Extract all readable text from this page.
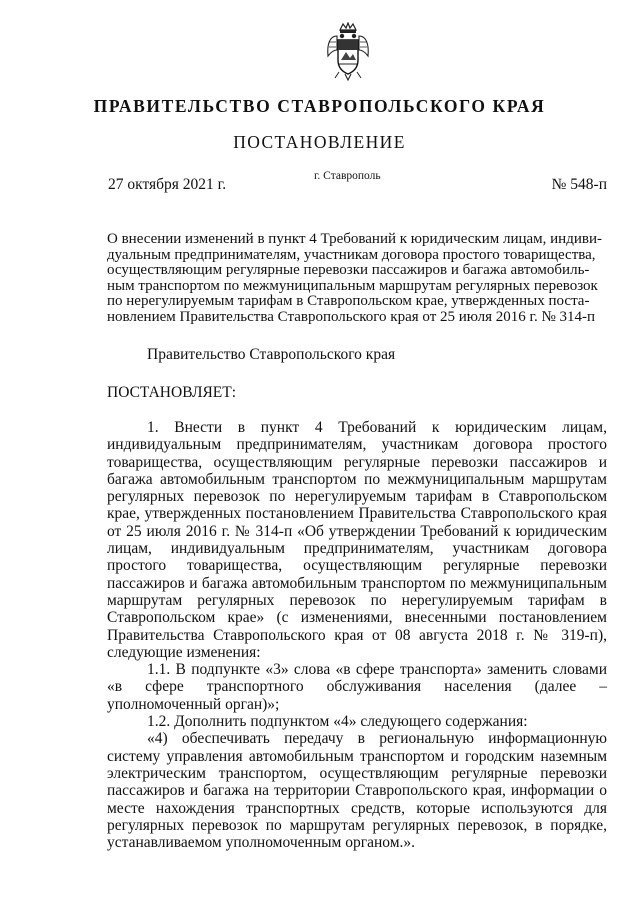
ПРАВИТЕЛЬСТВО СТАВРОПОЛЬСКОГО КРАЯ
ПОСТАНОВЛЕНИЕ
27 октября 2021 г.	г. Ставрополь	№ 548-п
О внесении изменений в пункт 4 Требований к юридическим лицам, индиви-
дуальным предпринимателям, участникам договора простого товарищества,
осуществляющим регулярные перевозки пассажиров и багажа автомобиль-
ным транспортом по межмуниципальным маршрутам регулярных перевозок
по нерегулируемым тарифам в Ставропольском крае, утвержденных поста-
новлением Правительства Ставропольского края от 25 июля 2016 г. № 314-п
Правительство Ставропольского края
ПОСТАНОВЛЯЕТ:

1. Внести в пункт 4 Требований к юридическим лицам, индивидуальным предпринимателям, участникам договора простого товарищества, осуществляющим регулярные перевозки пассажиров и багажа автомобильным транспортом по межмуниципальным маршрутам регулярных перевозок по нерегулируемым тарифам в Ставропольском крае, утвержденных постановлением Правительства Ставропольского края от 25 июля 2016 г. № 314-п «Об утверждении Требований к юридическим лицам, индивидуальным предпринимателям, участникам договора простого товарищества, осуществляющим регулярные перевозки пассажиров и багажа автомобильным транспортом по межмуниципальным маршрутам регулярных перевозок по нерегулируемым тарифам в Ставропольском крае» (с изменениями, внесенными постановлением Правительства Ставропольского края от 08 августа 2018 г. № 319-п), следующие изменения:

1.1. В подпункте «3» слова «в сфере транспорта» заменить словами «в сфере транспортного обслуживания населения (далее – уполномоченный орган)»;

1.2. Дополнить подпунктом «4» следующего содержания:

«4) обеспечивать передачу в региональную информационную систему управления автомобильным транспортом и городским наземным электрическим транспортом, осуществляющим регулярные перевозки пассажиров и багажа на территории Ставропольского края, информации о месте нахождения транспортных средств, которые используются для регулярных перевозок по маршрутам регулярных перевозок, в порядке, устанавливаемом уполномоченным органом.».
